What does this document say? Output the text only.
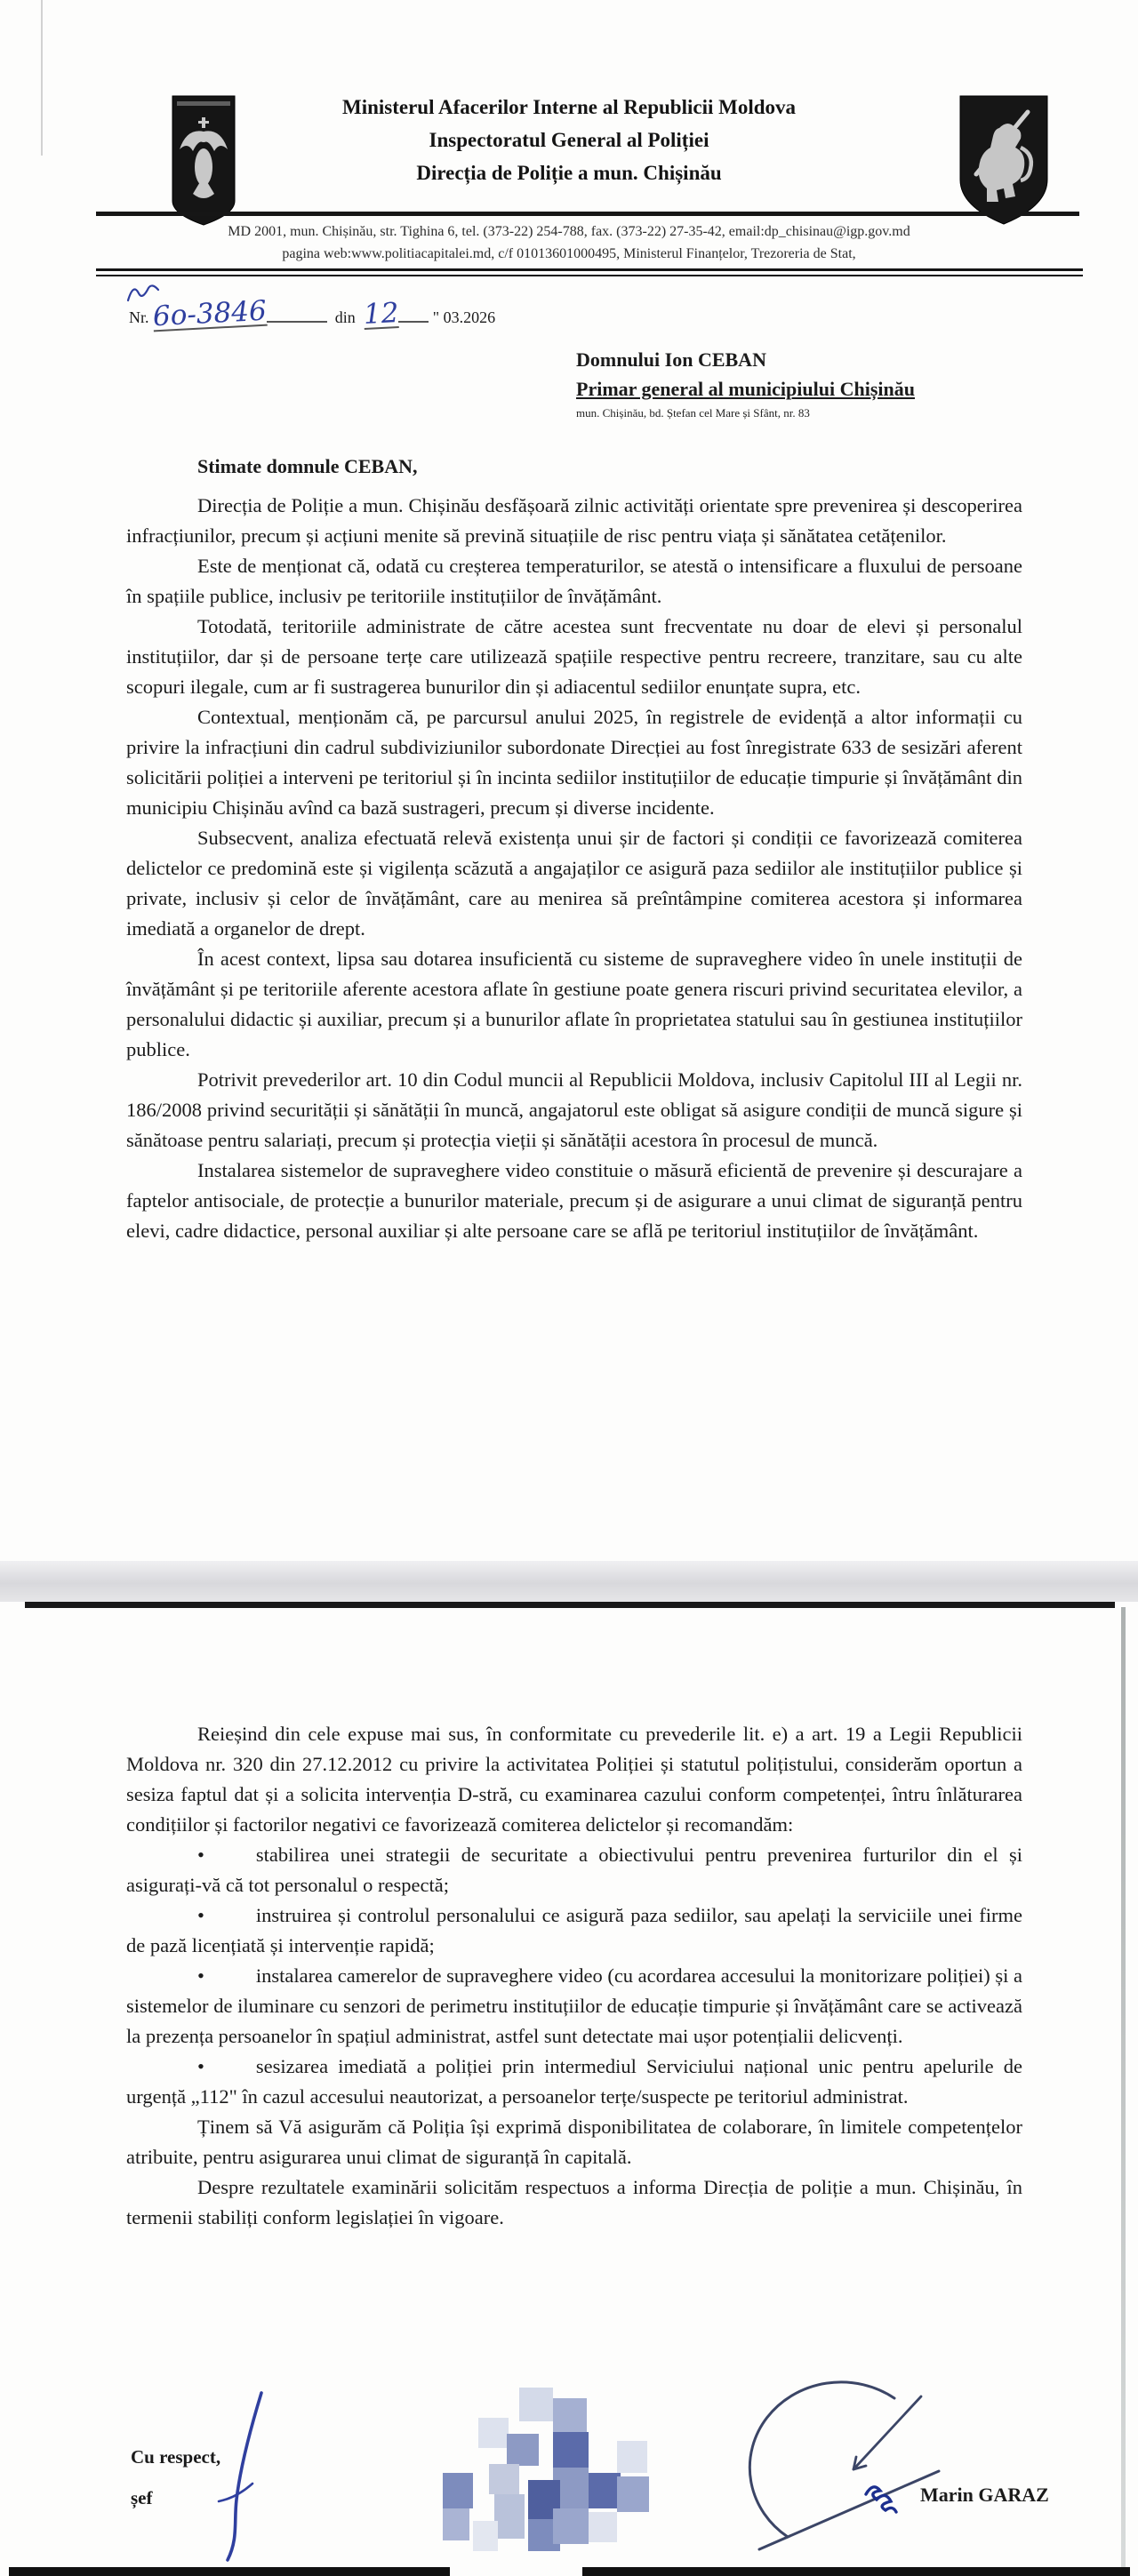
Ministerul Afacerilor Interne al Republicii Moldova
Inspectoratul General al Poliției
Direcția de Poliție a mun. Chișinău
MD 2001, mun. Chișinău, str. Tighina 6, tel. (373-22) 254-788, fax. (373-22) 27-35-42, email:dp_chisinau@igp.gov.md
pagina web:www.politiacapitalei.md, c/f 01013601000495, Ministerul Finanțelor, Trezoreria de Stat,
Nr. 6o-3846	din 12 " 03.2026
Domnului Ion CEBAN
Primar general al municipiului Chișinău
mun. Chișinău, bd. Ștefan cel Mare și Sfânt, nr. 83
Stimate domnule CEBAN,

Direcția de Poliție a mun. Chișinău desfășoară zilnic activități orientate spre prevenirea și descoperirea infracțiunilor, precum și acțiuni menite să prevină situațiile de risc pentru viața și sănătatea cetățenilor.

Este de menționat că, odată cu creșterea temperaturilor, se atestă o intensificare a fluxului de persoane în spațiile publice, inclusiv pe teritoriile instituțiilor de învățământ.

Totodată, teritoriile administrate de către acestea sunt frecventate nu doar de elevi și personalul instituțiilor, dar și de persoane terțe care utilizează spațiile respective pentru recreere, tranzitare, sau cu alte scopuri ilegale, cum ar fi sustragerea bunurilor din și adiacentul sediilor enunțate supra, etc.

Contextual, menționăm că, pe parcursul anului 2025, în registrele de evidență a altor informații cu privire la infracțiuni din cadrul subdiviziunilor subordonate Direcției au fost înregistrate 633 de sesizări aferent solicitării poliției a interveni pe teritoriul și în incinta sediilor instituțiilor de educație timpurie și învățământ din municipiu Chișinău avînd ca bază sustrageri, precum și diverse incidente.

Subsecvent, analiza efectuată relevă existența unui șir de factori și condiții ce favorizează comiterea delictelor ce predomină este și vigilența scăzută a angajaților ce asigură paza sediilor ale instituțiilor publice și private, inclusiv și celor de învățământ, care au menirea să preîntâmpine comiterea acestora și informarea imediată a organelor de drept.

În acest context, lipsa sau dotarea insuficientă cu sisteme de supraveghere video în unele instituții de învățământ și pe teritoriile aferente acestora aflate în gestiune poate genera riscuri privind securitatea elevilor, a personalului didactic și auxiliar, precum și a bunurilor aflate în proprietatea statului sau în gestiunea instituțiilor publice.

Potrivit prevederilor art. 10 din Codul muncii al Republicii Moldova, inclusiv Capitolul III al Legii nr. 186/2008 privind securității și sănătății în muncă, angajatorul este obligat să asigure condiții de muncă sigure și sănătoase pentru salariați, precum și protecția vieții și sănătății acestora în procesul de muncă.

Instalarea sistemelor de supraveghere video constituie o măsură eficientă de prevenire și descurajare a faptelor antisociale, de protecție a bunurilor materiale, precum și de asigurare a unui climat de siguranță pentru elevi, cadre didactice, personal auxiliar și alte persoane care se află pe teritoriul instituțiilor de învățământ.

Reieșind din cele expuse mai sus, în conformitate cu prevederile lit. e) a art. 19 a Legii Republicii Moldova nr. 320 din 27.12.2012 cu privire la activitatea Poliției și statutul polițistului, considerăm oportun a sesiza faptul dat și a solicita intervenția D-stră, cu examinarea cazului conform competenței, întru înlăturarea condițiilor și factorilor negativi ce favorizează comiterea delictelor și recomandăm:

•	stabilirea unei strategii de securitate a obiectivului pentru prevenirea furturilor din el și asigurați-vă că tot personalul o respectă;

•	instruirea și controlul personalului ce asigură paza sediilor, sau apelați la serviciile unei firme de pază licențiată și intervenție rapidă;

•	instalarea camerelor de supraveghere video (cu acordarea accesului la monitorizare poliției) și a sistemelor de iluminare cu senzori de perimetru instituțiilor de educație timpurie și învățământ care se activează la prezența persoanelor în spațiul administrat, astfel sunt detectate mai ușor potențialii delicvenți.

•	sesizarea imediată a poliției prin intermediul Serviciului național unic pentru apelurile de urgență „112" în cazul accesului neautorizat, a persoanelor terțe/suspecte pe teritoriul administrat.

Ținem să Vă asigurăm că Poliția își exprimă disponibilitatea de colaborare, în limitele competențelor atribuite, pentru asigurarea unui climat de siguranță în capitală.

Despre rezultatele examinării solicităm respectuos a informa Direcția de poliție a mun. Chișinău, în termenii stabiliți conform legislației în vigoare.

Cu respect,
șef	Marin GARAZ
